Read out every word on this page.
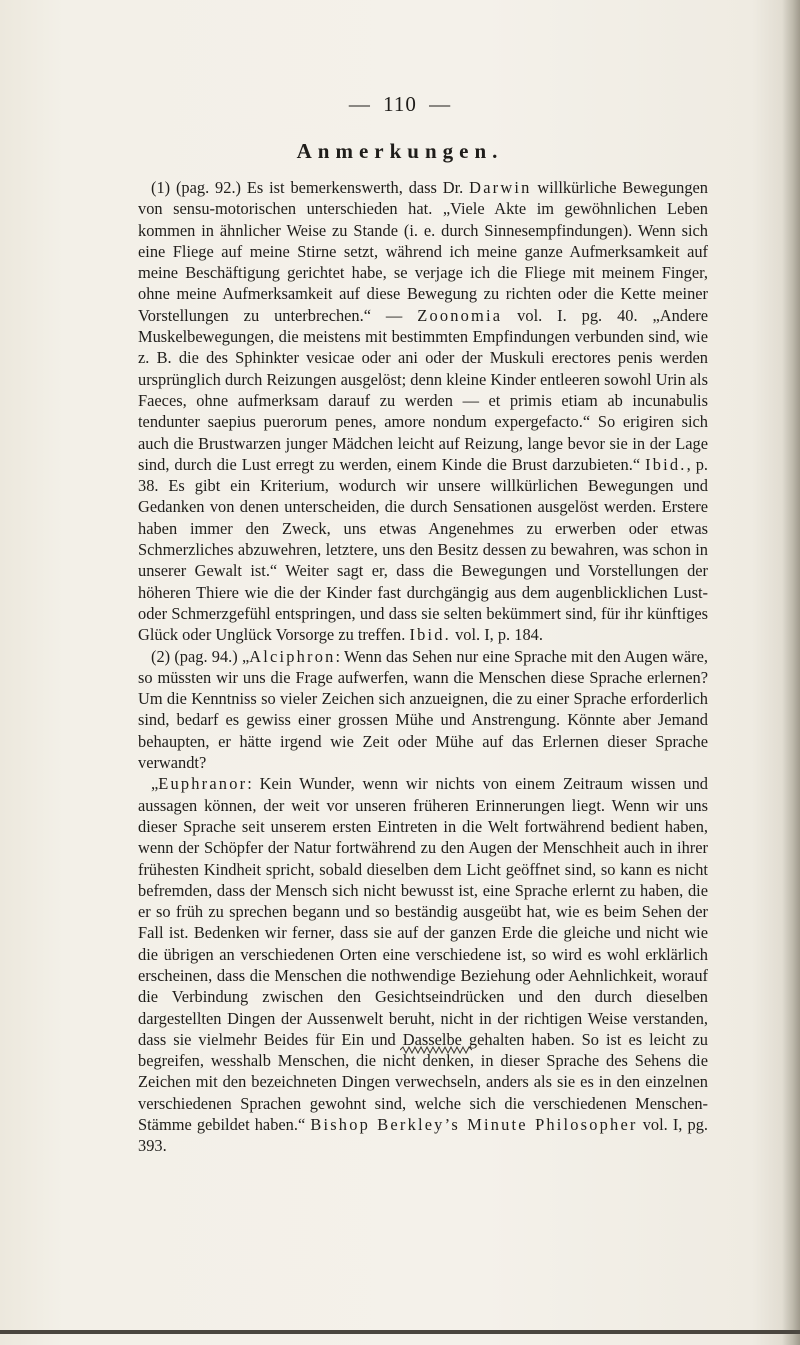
— 110 —
Anmerkungen.

(1) (pag. 92.) Es ist bemerkenswerth, dass Dr. Darwin willkürliche Bewegungen von sensu-motorischen unterschieden hat. „Viele Akte im gewöhnlichen Leben kommen in ähnlicher Weise zu Stande (i. e. durch Sinnesempfindungen). Wenn sich eine Fliege auf meine Stirne setzt, während ich meine ganze Aufmerksamkeit auf meine Beschäftigung gerichtet habe, se verjage ich die Fliege mit meinem Finger, ohne meine Aufmerksamkeit auf diese Bewegung zu richten oder die Kette meiner Vorstellungen zu unterbrechen.“ — Zoonomia vol. I. pg. 40. „Andere Muskelbewegungen, die meistens mit bestimmten Empfindungen verbunden sind, wie z. B. die des Sphinkter vesicae oder ani oder der Muskuli erectores penis werden ursprünglich durch Reizungen ausgelöst; denn kleine Kinder entleeren sowohl Urin als Faeces, ohne aufmerksam darauf zu werden — et primis etiam ab incunabulis tendunter saepius puerorum penes, amore nondum expergefacto.“ So erigiren sich auch die Brustwarzen junger Mädchen leicht auf Reizung, lange bevor sie in der Lage sind, durch die Lust erregt zu werden, einem Kinde die Brust darzubieten.“ Ibid., p. 38. Es gibt ein Kriterium, wodurch wir unsere willkürlichen Bewegungen und Gedanken von denen unterscheiden, die durch Sensationen ausgelöst werden. Erstere haben immer den Zweck, uns etwas Angenehmes zu erwerben oder etwas Schmerzliches abzuwehren, letztere, uns den Besitz dessen zu bewahren, was schon in unserer Gewalt ist.“ Weiter sagt er, dass die Bewegungen und Vorstellungen der höheren Thiere wie die der Kinder fast durchgängig aus dem augenblicklichen Lust- oder Schmerzgefühl entspringen, und dass sie selten bekümmert sind, für ihr künftiges Glück oder Unglück Vorsorge zu treffen. Ibid. vol. I, p. 184.

(2) (pag. 94.) „Alciphron: Wenn das Sehen nur eine Sprache mit den Augen wäre, so müssten wir uns die Frage aufwerfen, wann die Menschen diese Sprache erlernen? Um die Kenntniss so vieler Zeichen sich anzueignen, die zu einer Sprache erforderlich sind, bedarf es gewiss einer grossen Mühe und Anstrengung. Könnte aber Jemand behaupten, er hätte irgend wie Zeit oder Mühe auf das Erlernen dieser Sprache verwandt?

„Euphranor: Kein Wunder, wenn wir nichts von einem Zeitraum wissen und aussagen können, der weit vor unseren früheren Erinnerungen liegt. Wenn wir uns dieser Sprache seit unserem ersten Eintreten in die Welt fortwährend bedient haben, wenn der Schöpfer der Natur fortwährend zu den Augen der Menschheit auch in ihrer frühesten Kindheit spricht, sobald dieselben dem Licht geöffnet sind, so kann es nicht befremden, dass der Mensch sich nicht bewusst ist, eine Sprache erlernt zu haben, die er so früh zu sprechen begann und so beständig ausgeübt hat, wie es beim Sehen der Fall ist. Bedenken wir ferner, dass sie auf der ganzen Erde die gleiche und nicht wie die übrigen an verschiedenen Orten eine verschiedene ist, so wird es wohl erklärlich erscheinen, dass die Menschen die nothwendige Beziehung oder Aehnlichkeit, worauf die Verbindung zwischen den Gesichtseindrücken und den durch dieselben dargestellten Dingen der Aussenwelt beruht, nicht in der richtigen Weise verstanden, dass sie vielmehr Beides für Ein und Dasselbe gehalten haben. So ist es leicht zu begreifen, wesshalb Menschen, die nicht denken, in dieser Sprache des Sehens die Zeichen mit den bezeichneten Dingen verwechseln, anders als sie es in den einzelnen verschiedenen Sprachen gewohnt sind, welche sich die verschiedenen Menschen-Stämme gebildet haben.“ Bishop Berkley’s Minute Philosopher vol. I, pg. 393.
